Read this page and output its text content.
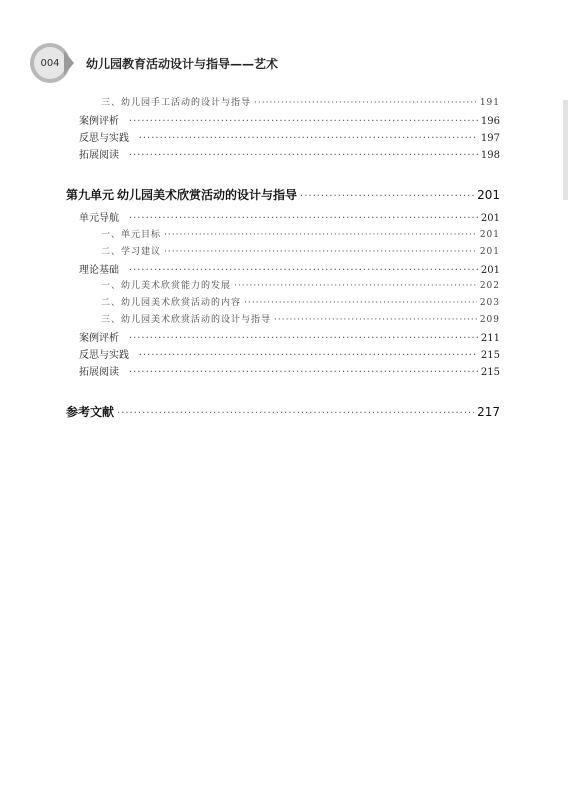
004	幼儿园教育活动设计与指导——艺术
三、幼儿园手工活动的设计与指导 ·····	191
案例评析 ·····	196
反思与实践 ·····	197
拓展阅读 ·····	198
第九单元 幼儿园美术欣赏活动的设计与指导 ·····	201
单元导航 ·····	201
一、单元目标 ·····	201
二、学习建议 ·····	201
理论基础 ·····	201
一、幼儿美术欣赏能力的发展 ·····	202
二、幼儿园美术欣赏活动的内容 ·····	203
三、幼儿园美术欣赏活动的设计与指导 ·····	209
案例评析 ·····	211
反思与实践 ·····	215
拓展阅读 ·····	215
参考文献 ·····	217
